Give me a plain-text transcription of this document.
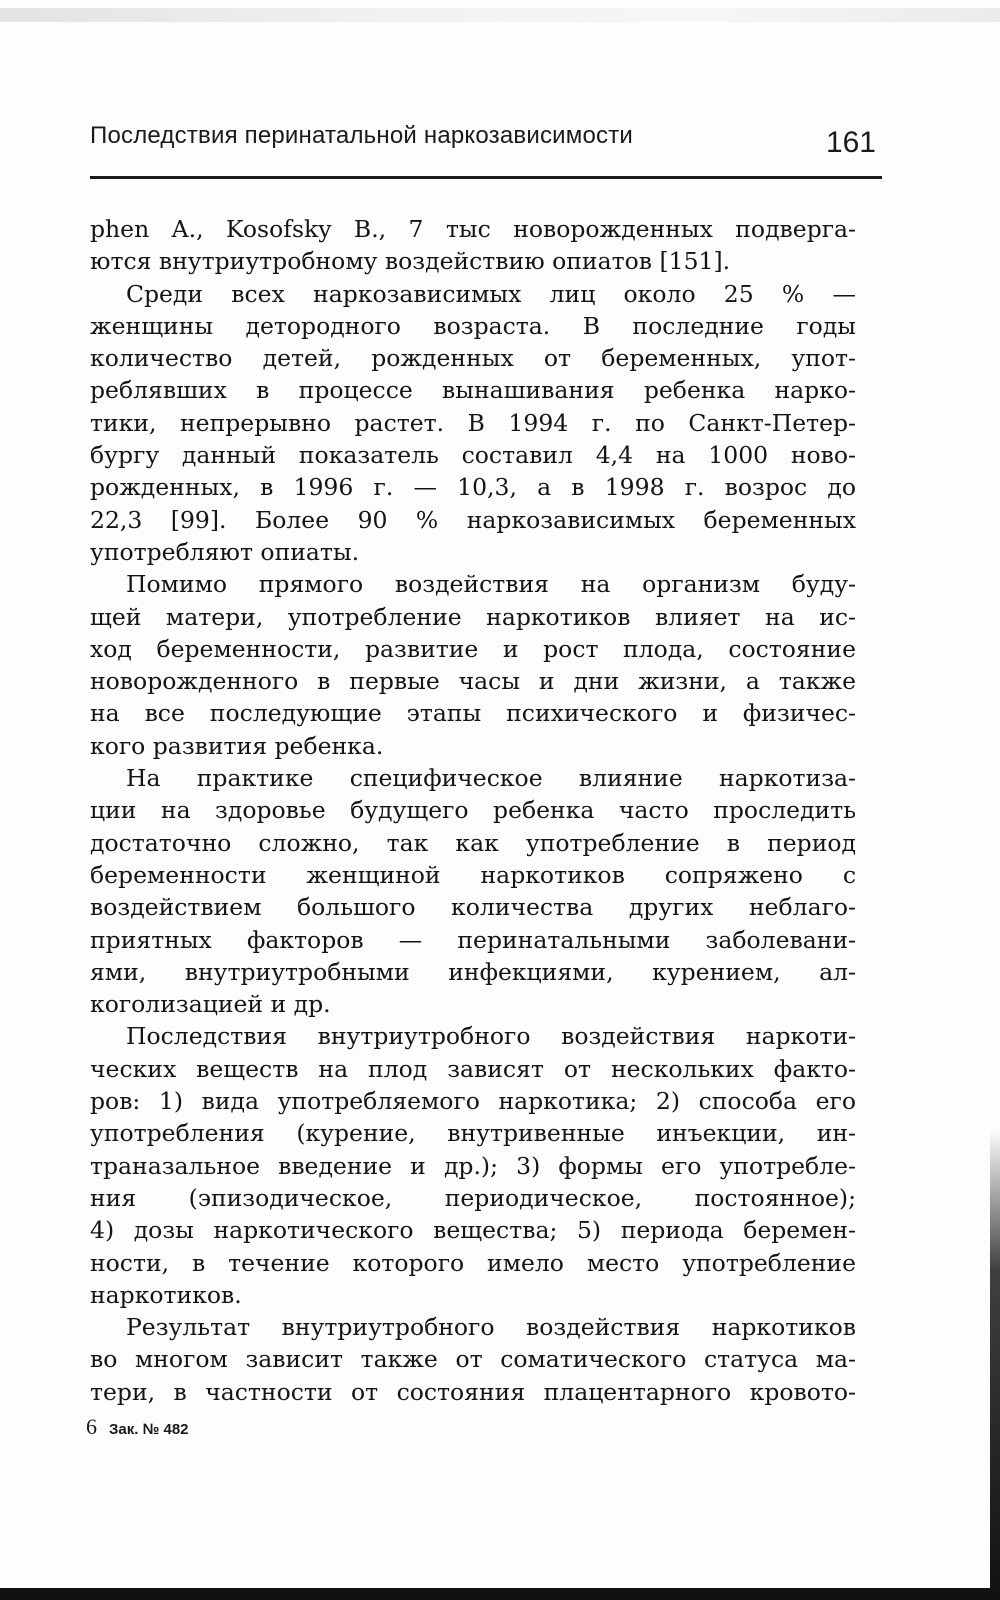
Последствия перинатальной наркозависимости	161
phen A., Kosofsky B., 7 тыс новорожденных подверга-
ются внутриутробному воздействию опиатов [151].
Среди всех наркозависимых лиц около 25 % —
женщины детородного возраста. В последние годы
количество детей, рожденных от беременных, упот-
реблявших в процессе вынашивания ребенка нарко-
тики, непрерывно растет. В 1994 г. по Санкт-Петер-
бургу данный показатель составил 4,4 на 1000 ново-
рожденных, в 1996 г. — 10,3, а в 1998 г. возрос до
22,3 [99]. Более 90 % наркозависимых беременных
употребляют опиаты.
Помимо прямого воздействия на организм буду-
щей матери, употребление наркотиков влияет на ис-
ход беременности, развитие и рост плода, состояние
новорожденного в первые часы и дни жизни, а также
на все последующие этапы психического и физичес-
кого развития ребенка.
На практике специфическое влияние наркотиза-
ции на здоровье будущего ребенка часто проследить
достаточно сложно, так как употребление в период
беременности женщиной наркотиков сопряжено с
воздействием большого количества других неблаго-
приятных факторов — перинатальными заболевани-
ями, внутриутробными инфекциями, курением, ал-
коголизацией и др.
Последствия внутриутробного воздействия наркоти-
ческих веществ на плод зависят от нескольких факто-
ров: 1) вида употребляемого наркотика; 2) способа его
употребления (курение, внутривенные инъекции, ин-
траназальное введение и др.); 3) формы его употребле-
ния (эпизодическое, периодическое, постоянное);
4) дозы наркотического вещества; 5) периода беремен-
ности, в течение которого имело место употребление
наркотиков.
Результат внутриутробного воздействия наркотиков
во многом зависит также от соматического статуса ма-
тери, в частности от состояния плацентарного кровото-
6 Зак. № 482
